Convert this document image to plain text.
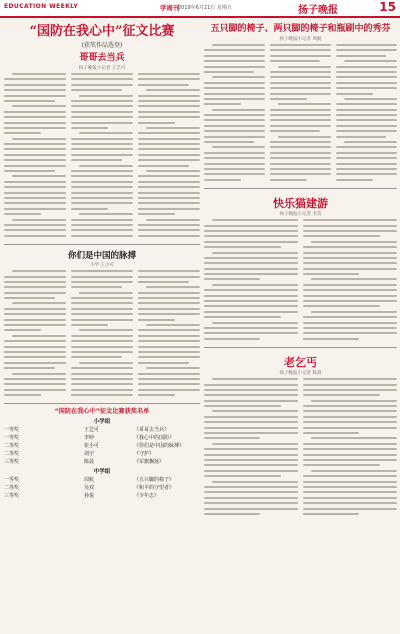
EDUCATION WEEKLY	学周刊
2019年6月21日 星期五	扬子晚报	15
“国防在我心中”征文比赛
(获奖作品选登)
哥哥去当兵
扬子晚报小记者 王艺可
你们是中国的脉搏
小学 王小可
“国防在我心中”征文比赛获奖名单
小学组
一等奖	王艺可	《哥哥去当兵》
一等奖	李婷	《我心中的国防》
二等奖	张小可	《你们是中国的脉搏》
二等奖	刘宇	《守护》
三等奖	陈晨	《军旗飘扬》
中学组
一等奖	周航	《五只脚的椅子》
二等奖	吴双	《和平的守望者》
三等奖	孙悦	《少年志》
五只脚的椅子、两只脚的椅子和瓶刷中的秀芬
扬子晚报小记者 周航
快乐猫建游
扬子晚报小记者 李苗
老乞丐
扬子晚报小记者 陈晨
